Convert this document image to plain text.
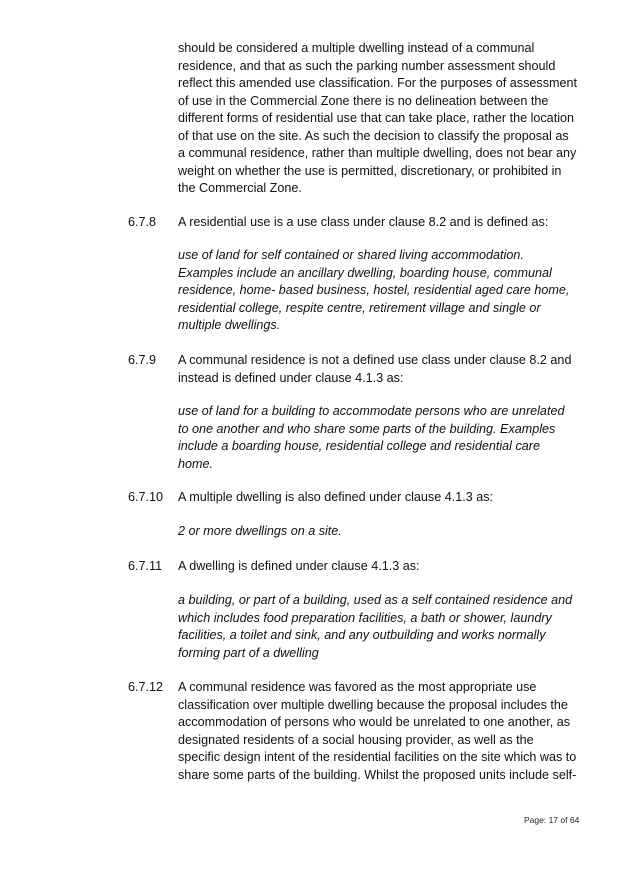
should be considered a multiple dwelling instead of a communal residence, and that as such the parking number assessment should reflect this amended use classification. For the purposes of assessment of use in the Commercial Zone there is no delineation between the different forms of residential use that can take place, rather the location of that use on the site. As such the decision to classify the proposal as a communal residence, rather than multiple dwelling, does not bear any weight on whether the use is permitted, discretionary, or prohibited in the Commercial Zone.

6.7.8 A residential use is a use class under clause 8.2 and is defined as:

use of land for self contained or shared living accommodation. Examples include an ancillary dwelling, boarding house, communal residence, home- based business, hostel, residential aged care home, residential college, respite centre, retirement village and single or multiple dwellings.

6.7.9 A communal residence is not a defined use class under clause 8.2 and instead is defined under clause 4.1.3 as:

use of land for a building to accommodate persons who are unrelated to one another and who share some parts of the building. Examples include a boarding house, residential college and residential care home.

6.7.10 A multiple dwelling is also defined under clause 4.1.3 as:

2 or more dwellings on a site.

6.7.11 A dwelling is defined under clause 4.1.3 as:

a building, or part of a building, used as a self contained residence and which includes food preparation facilities, a bath or shower, laundry facilities, a toilet and sink, and any outbuilding and works normally forming part of a dwelling

6.7.12 A communal residence was favored as the most appropriate use classification over multiple dwelling because the proposal includes the accommodation of persons who would be unrelated to one another, as designated residents of a social housing provider, as well as the specific design intent of the residential facilities on the site which was to share some parts of the building. Whilst the proposed units include self-

Page: 17 of 64
